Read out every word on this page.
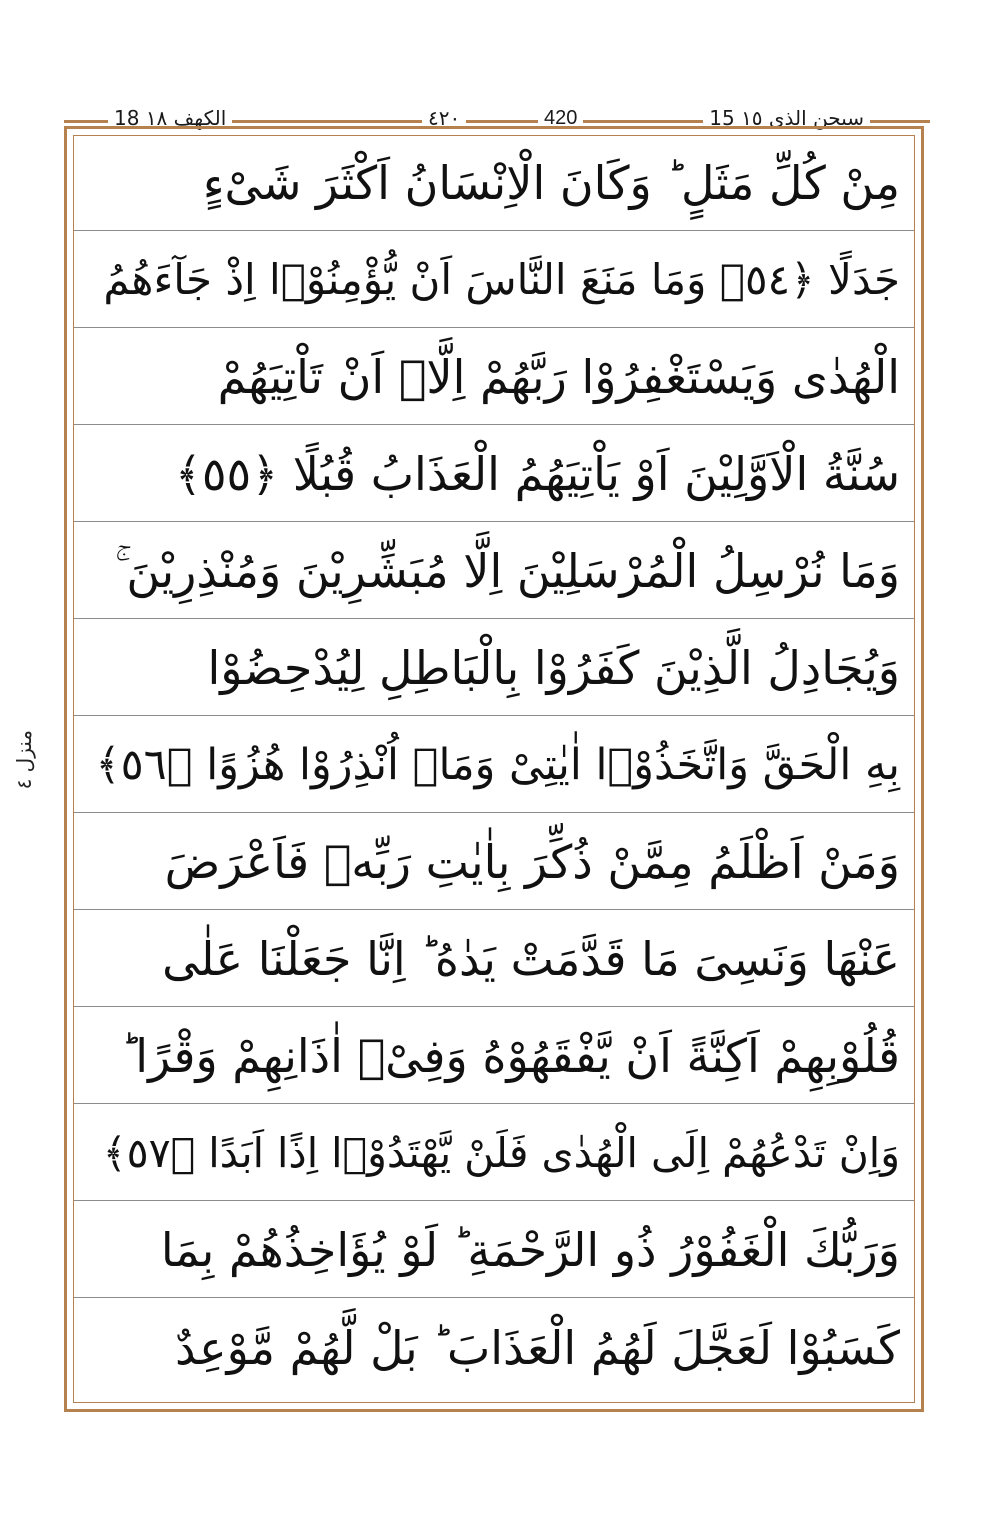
18 الکھف ١٨	٤٢٠	420	15 سبحن الذی ١٥
منزل ٤
مِنْ كُلِّ مَثَلٍ ؕ وَكَانَ الْاِنْسَانُ اَكْثَرَ شَیْءٍ
جَدَلًا ﴿٥٤﴾ وَمَا مَنَعَ النَّاسَ اَنْ یُّؤْمِنُوْۤا اِذْ جَآءَهُمُ
الْهُدٰى وَیَسْتَغْفِرُوْا رَبَّهُمْ اِلَّاۤ اَنْ تَاْتِیَهُمْ
سُنَّةُ الْاَوَّلِیْنَ اَوْ یَاْتِیَهُمُ الْعَذَابُ قُبُلًا ﴿٥٥﴾
وَمَا نُرْسِلُ الْمُرْسَلِیْنَ اِلَّا مُبَشِّرِیْنَ وَمُنْذِرِیْنَ ۚ
وَیُجَادِلُ الَّذِیْنَ كَفَرُوْا بِالْبَاطِلِ لِیُدْحِضُوْا
بِهِ الْحَقَّ وَاتَّخَذُوْۤا اٰیٰتِیْ وَمَاۤ اُنْذِرُوْا هُزُوًا ﴿٥٦﴾
وَمَنْ اَظْلَمُ مِمَّنْ ذُكِّرَ بِاٰیٰتِ رَبِّهٖ فَاَعْرَضَ
عَنْهَا وَنَسِیَ مَا قَدَّمَتْ یَدٰهُ ؕ اِنَّا جَعَلْنَا عَلٰى
قُلُوْبِهِمْ اَكِنَّةً اَنْ یَّفْقَهُوْهُ وَفِیْۤ اٰذَانِهِمْ وَقْرًا ؕ
وَاِنْ تَدْعُهُمْ اِلَى الْهُدٰى فَلَنْ یَّهْتَدُوْۤا اِذًا اَبَدًا ﴿٥٧﴾
وَرَبُّكَ الْغَفُوْرُ ذُو الرَّحْمَةِ ؕ لَوْ یُؤَاخِذُهُمْ بِمَا
كَسَبُوْا لَعَجَّلَ لَهُمُ الْعَذَابَ ؕ بَلْ لَّهُمْ مَّوْعِدٌ
